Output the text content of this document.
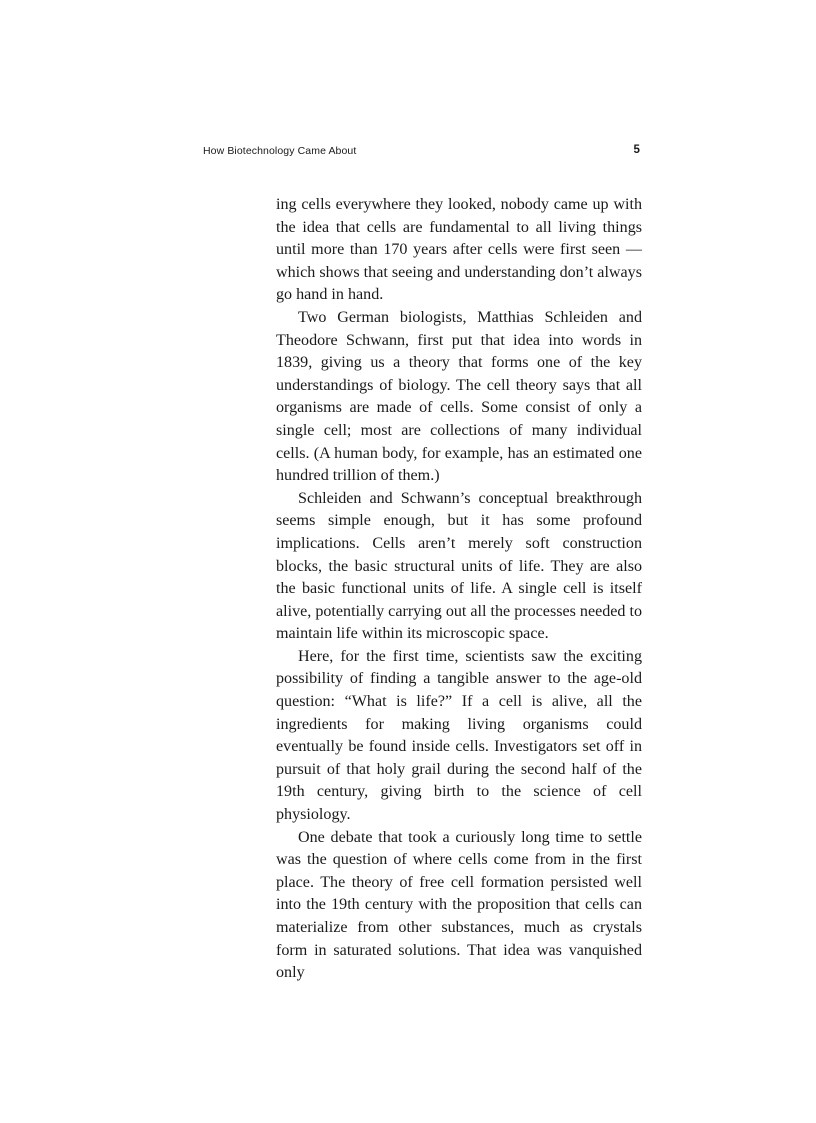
How Biotechnology Came About	5

ing cells everywhere they looked, nobody came up with the idea that cells are fundamental to all living things until more than 170 years after cells were first seen — which shows that seeing and understanding don’t always go hand in hand.

Two German biologists, Matthias Schleiden and Theodore Schwann, first put that idea into words in 1839, giving us a theory that forms one of the key understandings of biology. The cell theory says that all organisms are made of cells. Some consist of only a single cell; most are collections of many individual cells. (A human body, for example, has an estimated one hundred trillion of them.)

Schleiden and Schwann’s conceptual breakthrough seems simple enough, but it has some profound implications. Cells aren’t merely soft construction blocks, the basic structural units of life. They are also the basic functional units of life. A single cell is itself alive, potentially carrying out all the processes needed to maintain life within its microscopic space.

Here, for the first time, scientists saw the exciting possibility of finding a tangible answer to the age-old question: “What is life?” If a cell is alive, all the ingredients for making living organisms could eventually be found inside cells. Investigators set off in pursuit of that holy grail during the second half of the 19th century, giving birth to the science of cell physiology.

One debate that took a curiously long time to settle was the question of where cells come from in the first place. The theory of free cell formation persisted well into the 19th century with the proposition that cells can materialize from other substances, much as crystals form in saturated solutions. That idea was vanquished only
